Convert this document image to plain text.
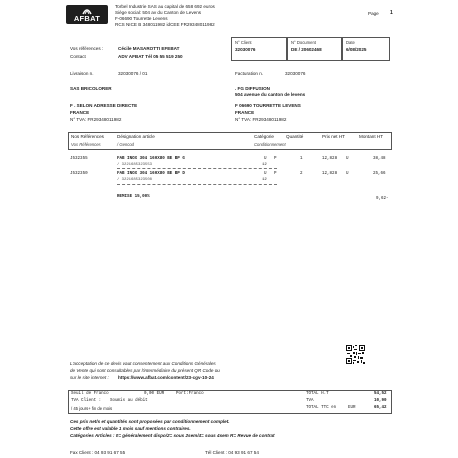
AFBAT
Torbel Industrie SAS au capital de 658 692 euros
Siège social: 504 av du Canton de Levens
F-06690 Tourrette Levens
RCS NICE B 348011982 idCEE FR29348011982
Page 1
N° Client
32030076
N° Document
DE / 20602468
Date
6/08/2025
Vos références :	Cécile MASAROTTI EFEBAT
Contact	ADV AFBAT Tél 05 55 519 250
Livraison n.	32030076 / 01	Facturation n.	32030076
SAS BRICOLORER
F . SELON ADRESSE DIRECTE
FRANCE
N° TVA: FR29348011982
. FG DIFFUSION
504 avenue du canton de levens
F 06690 TOURRETTE LEVENS
FRANCE
N° TVA: FR29348011982
Nos Références	Désignation article	Catégorie	Quantité	Prix net HT	Montant HT
Vos Références	/ Gencod	Conditionnement
J532355	FAB INOX 304 160X80 BE BP G	U P	1	12,828 U	38,48
/ 3221685323553	12
J532350	FAB INOX 304 160X80 BE BP D	U P	2	12,828 U	25,66
/ 3221685323508	12
REMISE 15,00%	9,62-
L'acceptation de ce devis vaut consentement aux Conditions Générales
de Vente qui sont consultables par l'intermédiaire du présent QR Code ou
sur le site internet : https://www.afbat.com/content/23-cgv-10-24
Seuil de Franco	0,00 EUR	Port:Franco
TVA Client : Soumis au débit
/ 45 jours+ fin de mois
TOTAL H.T	54,52
TVA	10,90
TOTAL TTC en	EUR	65,42
Ces prix net/s et quantités sont proposées par conditionnement complet.
Cette offre est valable 1 mois sauf mentions contraires.
Catégories Articles : 0= généralement dispo/2= sous 2sem/4= sous 4sem R= Revue de contrat
Fax Client : 04 93 91 67 55	Tél Client : 04 93 91 67 54
